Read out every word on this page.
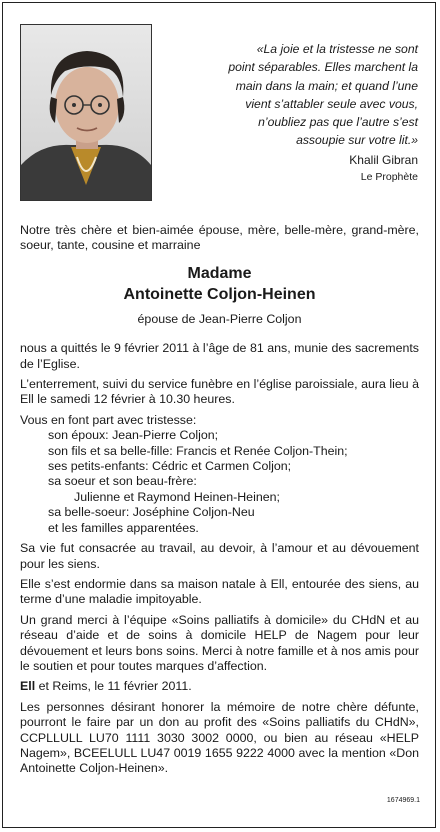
«La joie et la tristesse ne sont
point séparables. Elles marchent la
main dans la main; et quand l’une
vient s’attabler seule avec vous,
n’oubliez pas que l’autre s’est
assoupie sur votre lit.»
Khalil Gibran
Le Prophète

Notre très chère et bien-aimée épouse, mère, belle-mère, grand-mère, soeur, tante, cousine et marraine

Madame
Antoinette Coljon-Heinen
épouse de Jean-Pierre Coljon

nous a quittés le 9 février 2011 à l’âge de 81 ans, munie des sacrements de l’Eglise.

L’enterrement, suivi du service funèbre en l’église paroissiale, aura lieu à Ell le samedi 12 février à 10.30 heures.

Vous en font part avec tristesse:

son époux: Jean-Pierre Coljon;
son fils et sa belle-fille: Francis et Renée Coljon-Thein;
ses petits-enfants: Cédric et Carmen Coljon;
sa soeur et son beau-frère:
Julienne et Raymond Heinen-Heinen;
sa belle-soeur: Joséphine Coljon-Neu
et les familles apparentées.

Sa vie fut consacrée au travail, au devoir, à l’amour et au dévouement pour les siens.

Elle s’est endormie dans sa maison natale à Ell, entourée des siens, au terme d’une maladie impitoyable.

Un grand merci à l’équipe «Soins palliatifs à domicile» du CHdN et au réseau d’aide et de soins à domicile HELP de Nagem pour leur dévouement et leurs bons soins. Merci à notre famille et à nos amis pour le soutien et pour toutes marques d’affection.

Ell et Reims, le 11 février 2011.

Les personnes désirant honorer la mémoire de notre chère défunte, pourront le faire par un don au profit des «Soins palliatifs du CHdN», CCPLLULL LU70 1111 3030 3002 0000, ou bien au réseau «HELP Nagem», BCEELULL LU47 0019 1655 9222 4000 avec la mention «Don Antoinette Coljon-Heinen».

1674969.1
